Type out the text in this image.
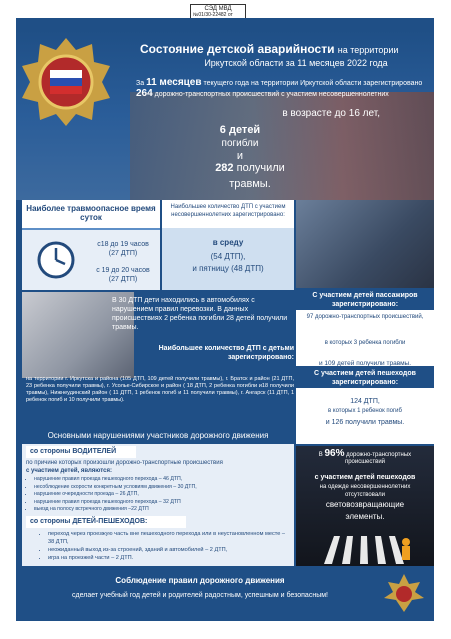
СЭД МВД
№01/30-22482 от

Состояние детской аварийности на территории
Иркутской области за 11 месяцев 2022 года
За 11 месяцев текущего года на территории Иркутской области зарегистрировано
264 дорожно-транспортных происшествий с участием несовершеннолетних
в возрасте до 16 лет,
6 детей
погибли
и
282 получили
травмы.
Наиболее травмоопасное время суток
с18 до 19 часов
(27 ДТП)
с 19 до 20 часов
(27 ДТП)
Наибольшее количество ДТП с участием несовершеннолетних зарегистрировано:
в среду
(54 ДТП),
и пятницу (48 ДТП)
В 30 ДТП дети находились в автомобилях с нарушением правил перевозки. В данных происшествиях 2 ребенка погибли 28 детей получили травмы.
Наибольшее количество ДТП с детьми зарегистрировано:
на территории г. Иркутска и района (105 ДТП, 109 детей получили травмы), г. Братск и район (21 ДТП, 23 ребенка получили травмы), г. Усолье-Сибирское и район ( 18 ДТП, 2 ребенка погибли и18 получили травмы), Нижнеудинский район ( 11 ДТП, 1 ребенок погиб и 11 получили травмы), г. Ангарск (11 ДТП, 1 ребенок погиб и 10 получили травмы).
С участием детей пассажиров зарегистрировано:
97 дорожно-транспортных происшествий,
в которых 3 ребенка погибли
и 109 детей получили травмы.
С участием детей пешеходов зарегистрировано:
124 ДТП,
в которых 1 ребенок погиб
и 126 получили травмы.
Основными нарушениями участников дорожного движения
со стороны ВОДИТЕЛЕЙ
по причине которых произошли дорожно-транспортные происшествия
с участием детей, являются:
• нарушение правил проезда пешеходного перехода – 46 ДТП,
• несоблюдение скорости конкретным условиям движения – 30 ДТП,
• нарушение очередности проезда – 26 ДТП,
• нарушение правил проезда пешеходного перехода – 32 ДТП
• выезд на полосу встречного движения –22 ДТП
со стороны ДЕТЕЙ-ПЕШЕХОДОВ:
• переход через проезжую часть вне пешеходного перехода или в неустановленном месте – 38 ДТП,
• неожиданный выход из-за строений, зданий и автомобилей – 2 ДТП,
• игра на проезжей части – 2 ДТП.
В 96% дорожно-транспортных происшествий
с участием детей пешеходов
на одежде несовершеннолетних
отсутствовали
световозвращающие
элементы.
Соблюдение правил дорожного движения
сделает учебный год детей и родителей радостным, успешным и безопасным!
